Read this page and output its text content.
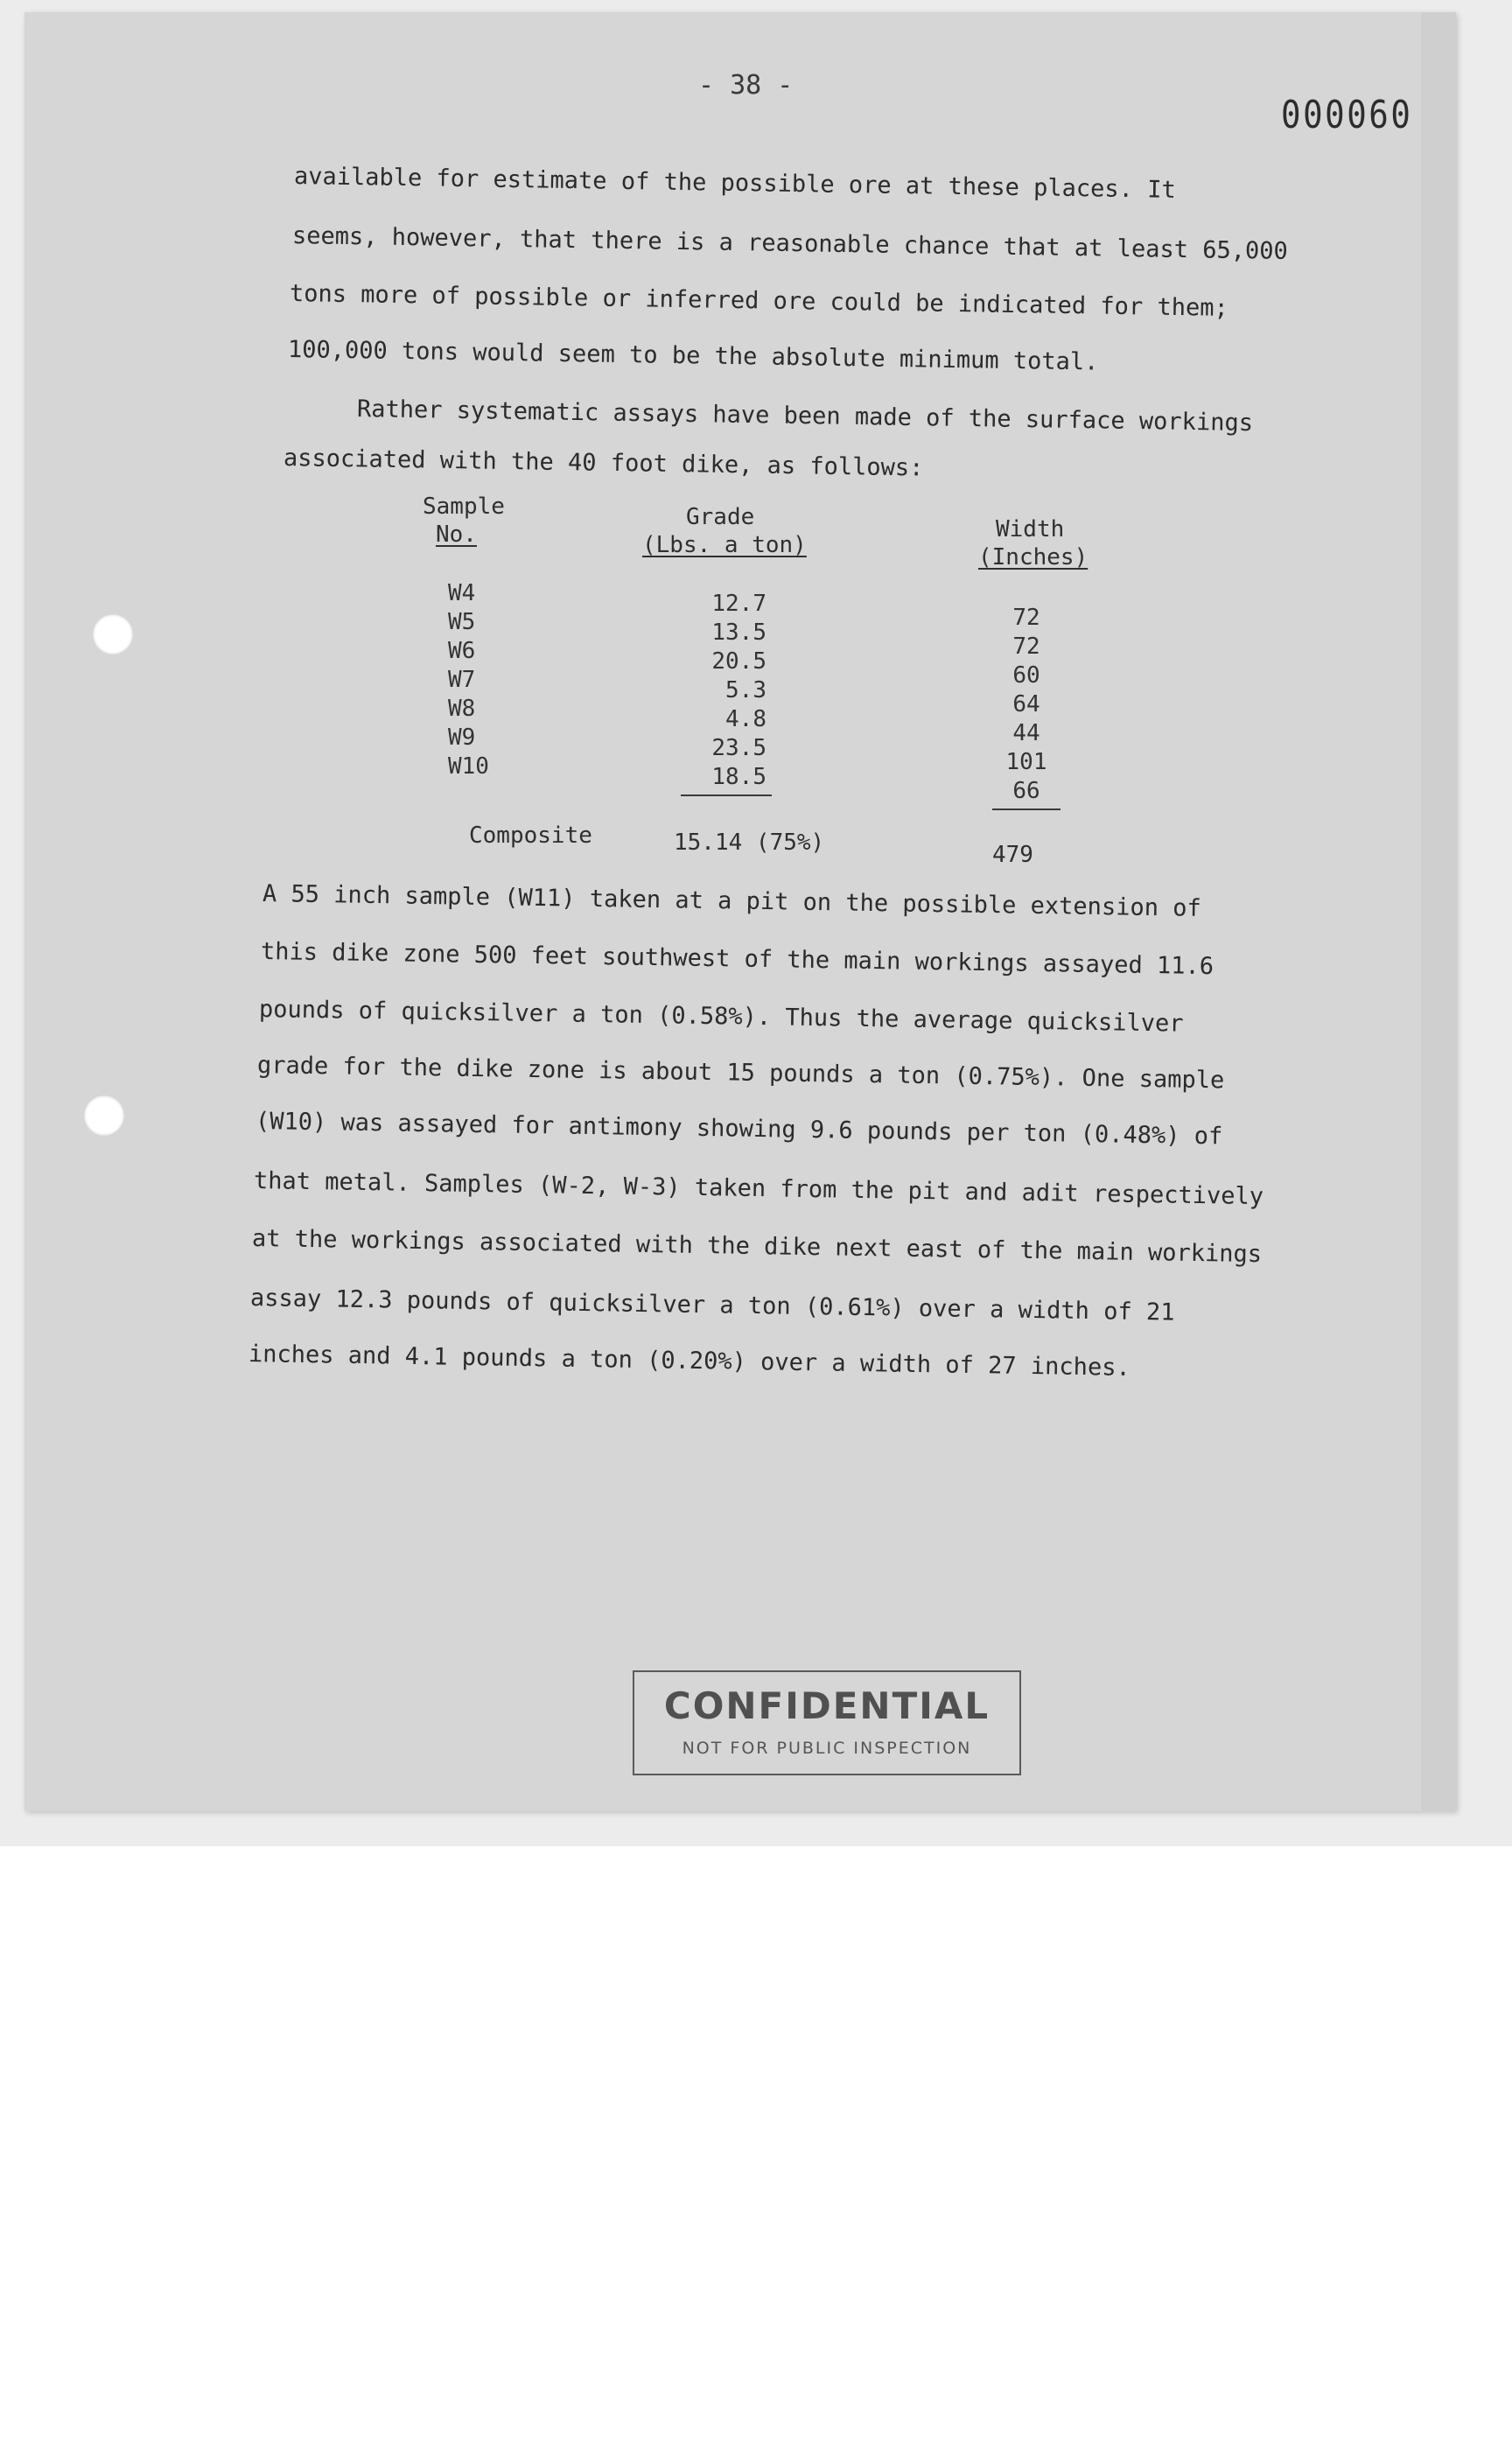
- 38 -
000060
available for estimate of the possible ore at these places. It
seems, however, that there is a reasonable chance that at least 65,000
tons more of possible or inferred ore could be indicated for them;
100,000 tons would seem to be the absolute minimum total.
Rather systematic assays have been made of the surface workings
associated with the 40 foot dike, as follows:
Sample
No.
Grade
(Lbs. a ton)
Width
(Inches)
W4
W5
W6
W7
W8
W9
W10
12.7
13.5
20.5
5.3
4.8
23.5
18.5
72
72
60
64
44
101
66
Composite	15.14 (75%)	479
A 55 inch sample (W11) taken at a pit on the possible extension of
this dike zone 500 feet southwest of the main workings assayed 11.6
pounds of quicksilver a ton (0.58%). Thus the average quicksilver
grade for the dike zone is about 15 pounds a ton (0.75%). One sample
(W10) was assayed for antimony showing 9.6 pounds per ton (0.48%) of
that metal. Samples (W-2, W-3) taken from the pit and adit respectively
at the workings associated with the dike next east of the main workings
assay 12.3 pounds of quicksilver a ton (0.61%) over a width of 21
inches and 4.1 pounds a ton (0.20%) over a width of 27 inches.
CONFIDENTIAL
NOT FOR PUBLIC INSPECTION
